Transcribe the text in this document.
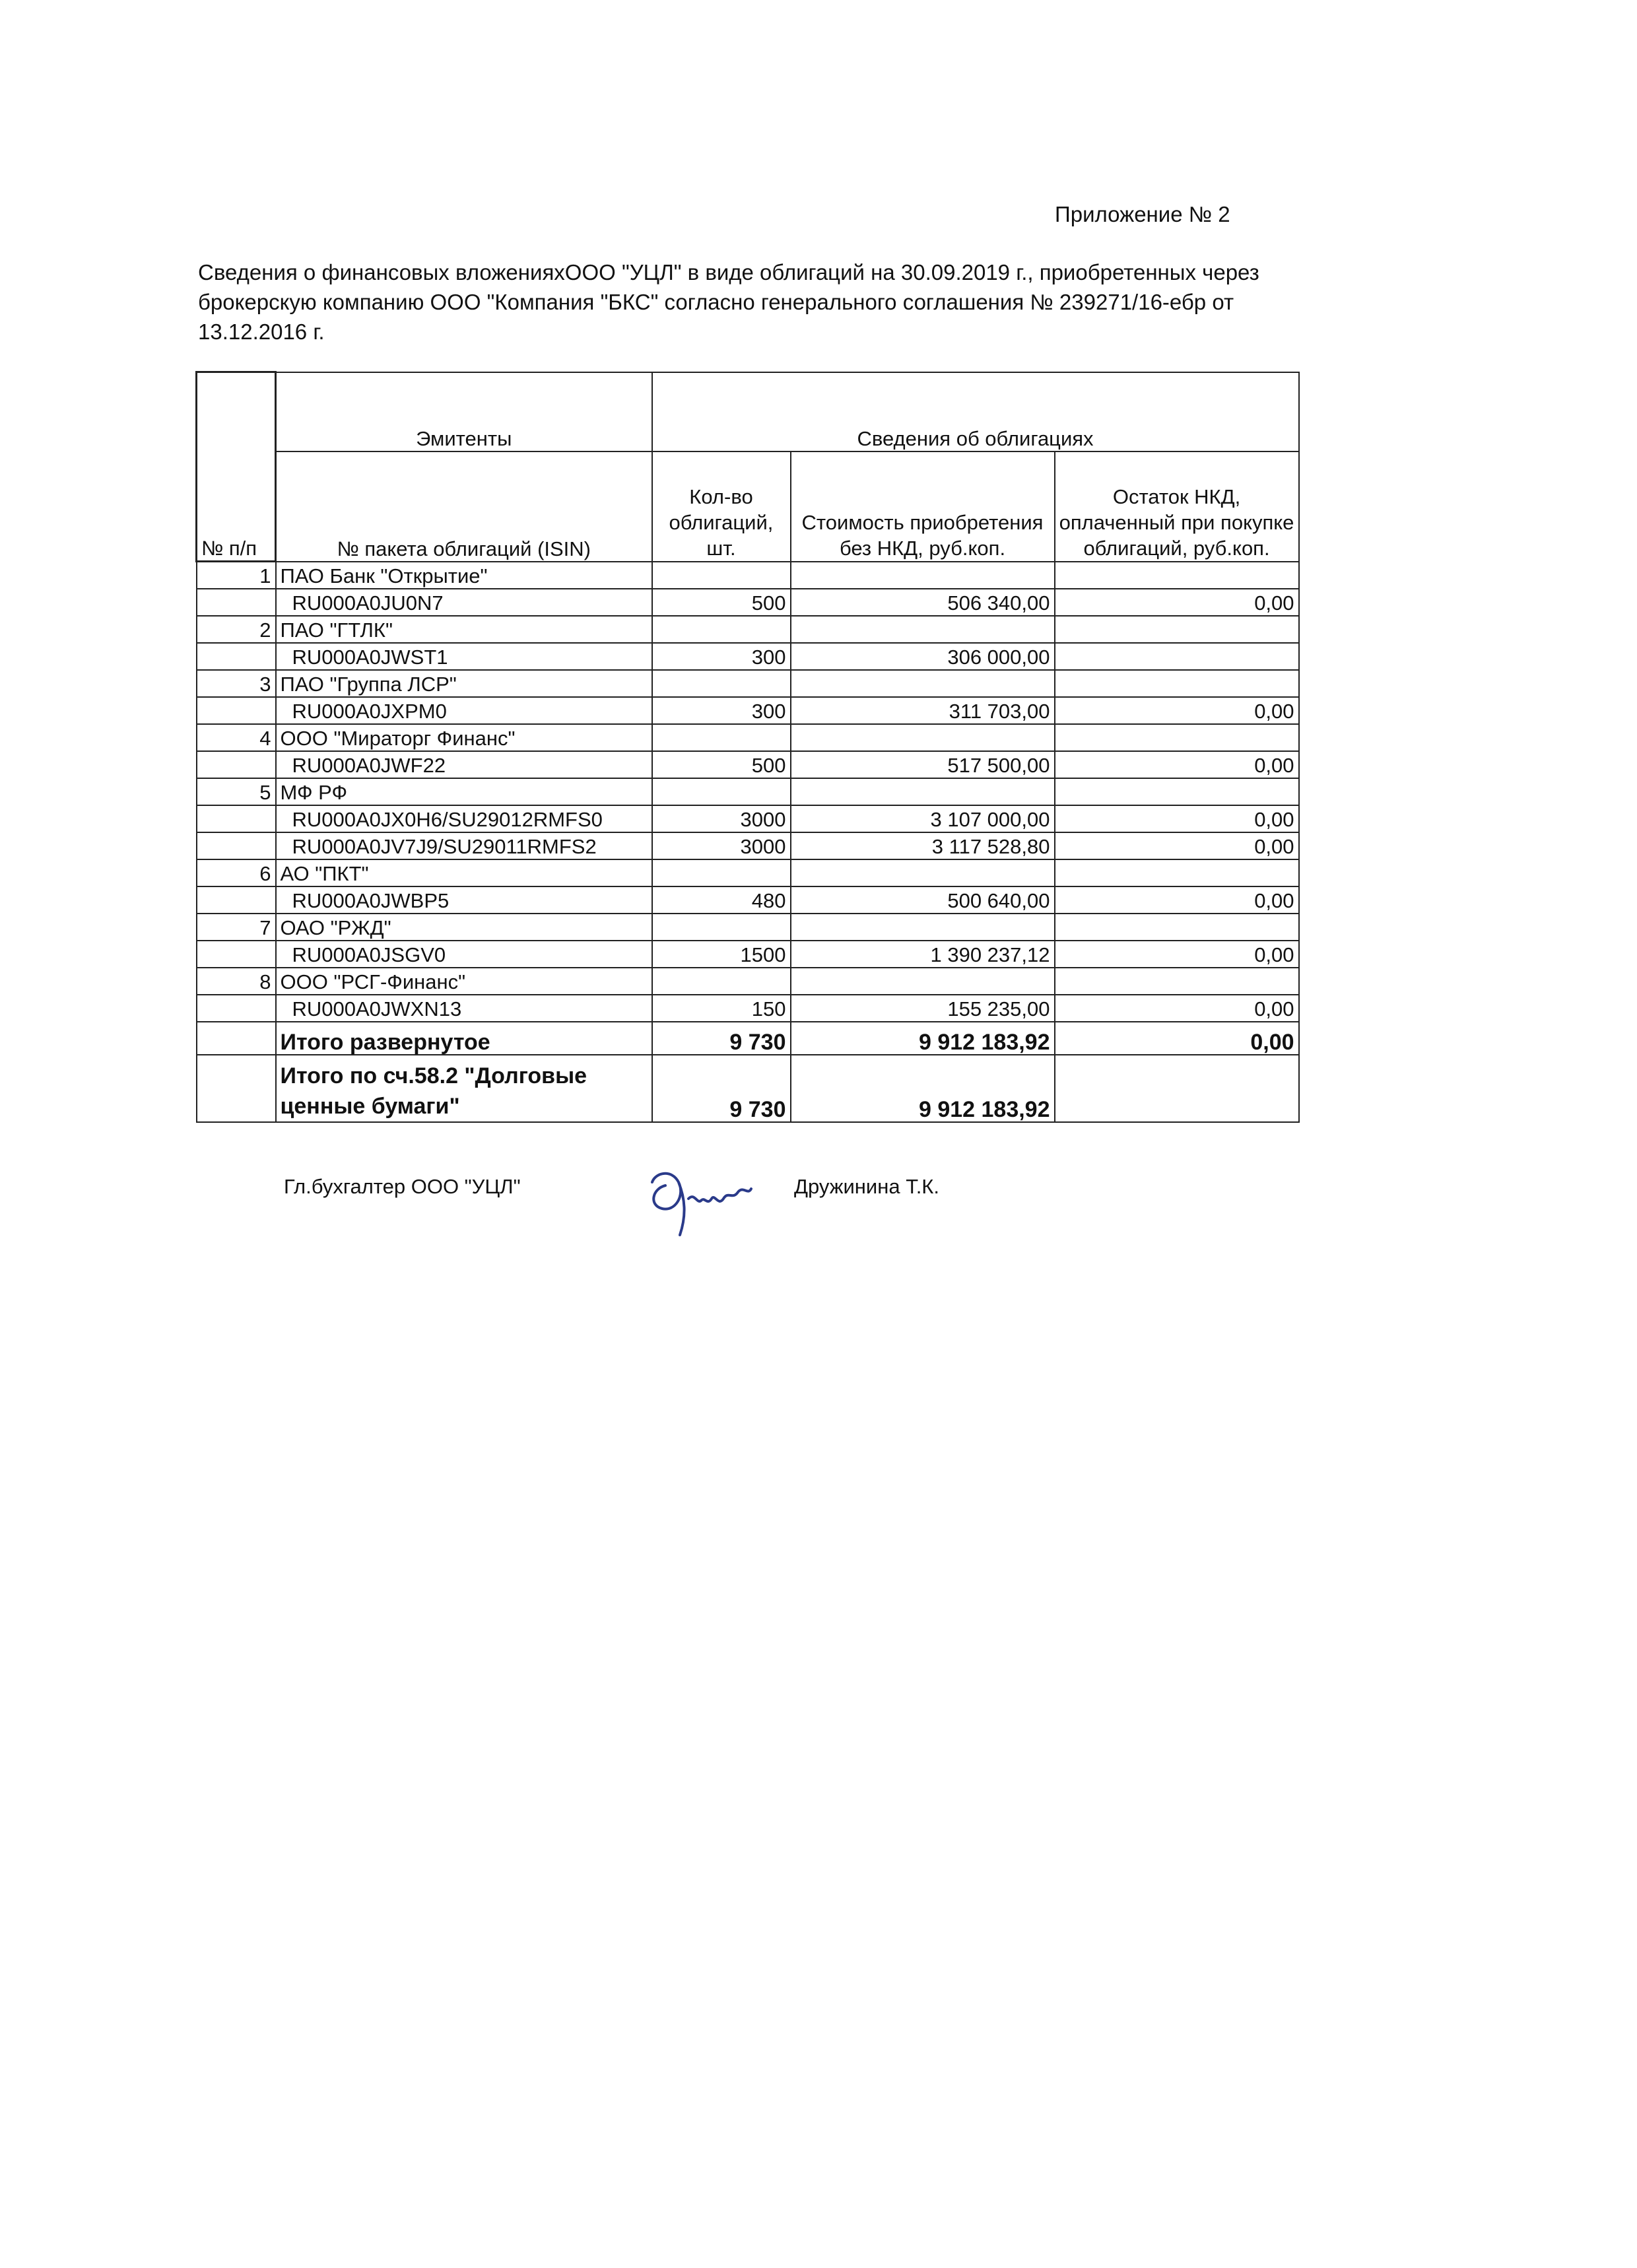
Приложение № 2
Сведения о финансовых вложенияхООО "УЦЛ" в виде облигаций на 30.09.2019 г., приобретенных через
брокерскую компанию ООО "Компания "БКС" согласно генерального соглашения № 239271/16-ебр от
13.12.2016 г.
№ п/п	Эмитенты	Сведения об облигациях		
	№ пакета облигаций (ISIN)	Кол-во облигаций, шт.	Стоимость приобретения без НКД, руб.коп.	Остаток НКД, оплаченный при покупке облигаций, руб.коп.
1	ПАО Банк "Открытие"			
	RU000A0JU0N7	500	506 340,00	0,00
2	ПАО "ГТЛК"			
	RU000A0JWST1	300	306 000,00	
3	ПАО "Группа ЛСР"			
	RU000A0JXPM0	300	311 703,00	0,00
4	ООО "Мираторг Финанс"			
	RU000A0JWF22	500	517 500,00	0,00
5	МФ РФ			
	RU000A0JX0H6/SU29012RMFS0	3000	3 107 000,00	0,00
	RU000A0JV7J9/SU29011RMFS2	3000	3 117 528,80	0,00
6	АО "ПКТ"			
	RU000A0JWBP5	480	500 640,00	0,00
7	ОАО "РЖД"			
	RU000A0JSGV0	1500	1 390 237,12	0,00
8	ООО "РСГ-Финанс"			
	RU000A0JWXN13	150	155 235,00	0,00
	Итого развернутое	9 730	9 912 183,92	0,00
	Итого по сч.58.2 "Долговые ценные бумаги"	9 730	9 912 183,92	
Гл.бухгалтер ООО "УЦЛ"	Дружинина Т.К.
